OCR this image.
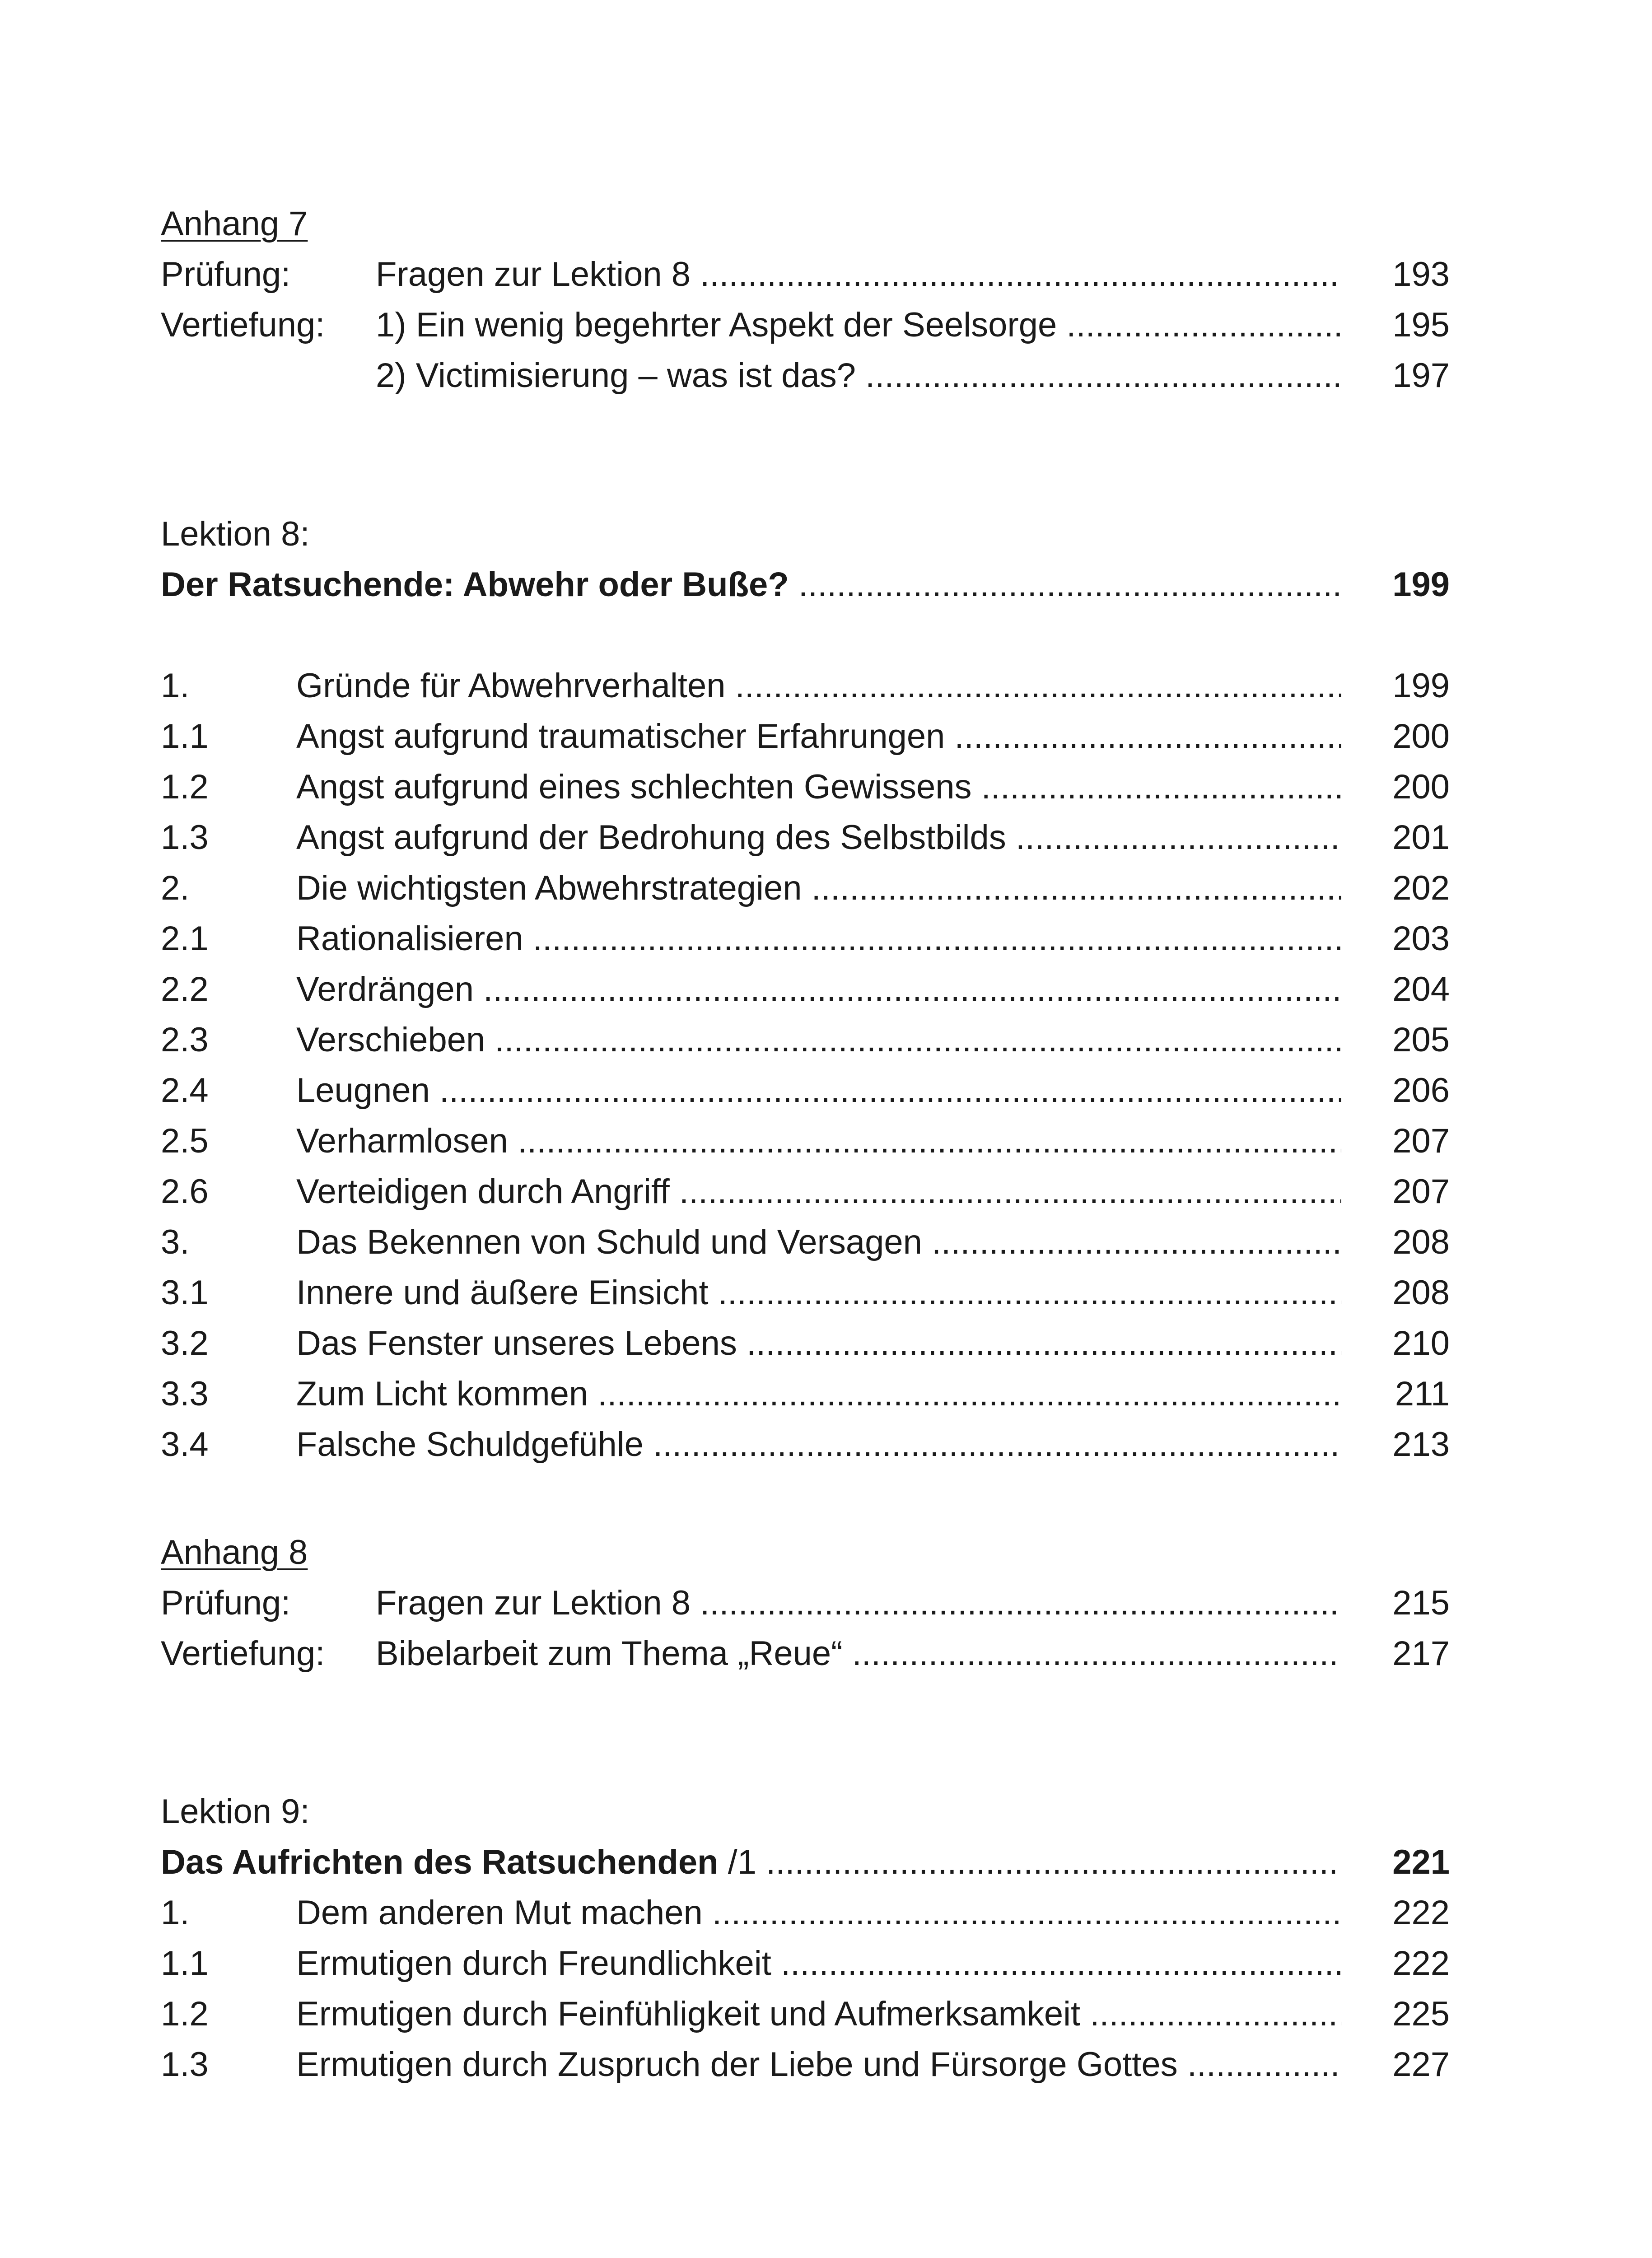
Anhang 7
Prüfung: Fragen zur Lektion 8 .....	193
Vertiefung: 1) Ein wenig begehrter Aspekt der Seelsorge .....	195
2) Victimisierung – was ist das? .....	197
Lektion 8:
Der Ratsuchende: Abwehr oder Buße? .....	199
1.	Gründe für Abwehrverhalten .....	199
1.1	Angst aufgrund traumatischer Erfahrungen .....	200
1.2	Angst aufgrund eines schlechten Gewissens .....	200
1.3	Angst aufgrund der Bedrohung des Selbstbilds .....	201
2.	Die wichtigsten Abwehrstrategien .....	202
2.1	Rationalisieren .....	203
2.2	Verdrängen .....	204
2.3	Verschieben .....	205
2.4	Leugnen .....	206
2.5	Verharmlosen .....	207
2.6	Verteidigen durch Angriff .....	207
3.	Das Bekennen von Schuld und Versagen .....	208
3.1	Innere und äußere Einsicht .....	208
3.2	Das Fenster unseres Lebens .....	210
3.3	Zum Licht kommen .....	211
3.4	Falsche Schuldgefühle .....	213
Anhang 8
Prüfung: Fragen zur Lektion 8 .....	215
Vertiefung: Bibelarbeit zum Thema „Reue“ .....	217
Lektion 9:
Das Aufrichten des Ratsuchenden /1 .....	221
1.	Dem anderen Mut machen .....	222
1.1	Ermutigen durch Freundlichkeit .....	222
1.2	Ermutigen durch Feinfühligkeit und Aufmerksamkeit .....	225
1.3	Ermutigen durch Zuspruch der Liebe und Fürsorge Gottes .....	227
